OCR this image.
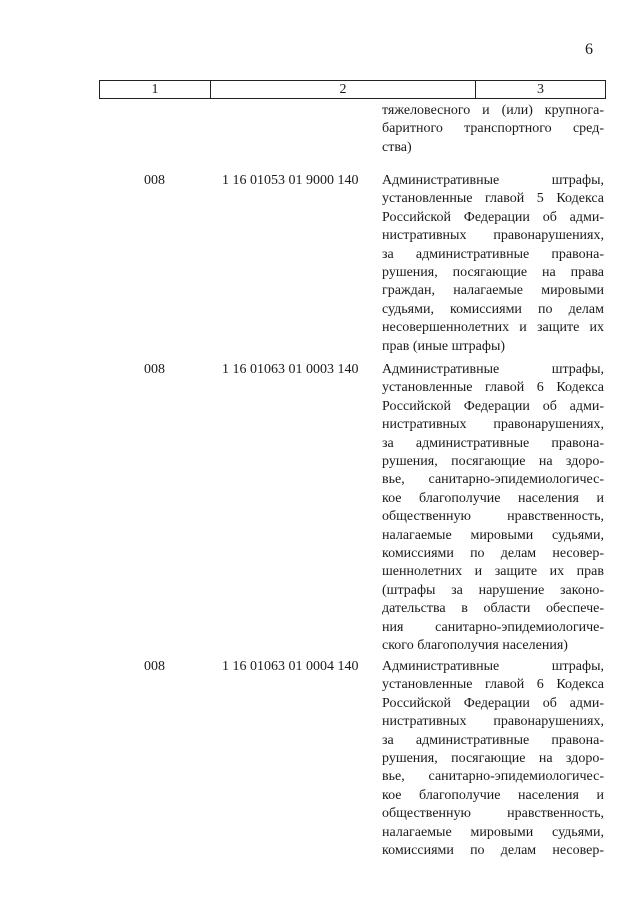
6
1	2	3
тяжеловесного и (или) крупнога-
баритного транспортного сред-
ства)
008	1 16 01053 01 9000 140 Административные штрафы,
установленные главой 5 Кодекса
Российской Федерации об адми-
нистративных правонарушениях,
за административные правона-
рушения, посягающие на права
граждан, налагаемые мировыми
судьями, комиссиями по делам
несовершеннолетних и защите их
прав (иные штрафы)
008	1 16 01063 01 0003 140 Административные штрафы,
установленные главой 6 Кодекса
Российской Федерации об адми-
нистративных правонарушениях,
за административные правона-
рушения, посягающие на здоро-
вье, санитарно-эпидемиологичес-
кое благополучие населения и
общественную нравственность,
налагаемые мировыми судьями,
комиссиями по делам несовер-
шеннолетних и защите их прав
(штрафы за нарушение законо-
дательства в области обеспече-
ния санитарно-эпидемиологиче-
ского благополучия населения)
008	1 16 01063 01 0004 140 Административные штрафы,
установленные главой 6 Кодекса
Российской Федерации об адми-
нистративных правонарушениях,
за административные правона-
рушения, посягающие на здоро-
вье, санитарно-эпидемиологичес-
кое благополучие населения и
общественную нравственность,
налагаемые мировыми судьями,
комиссиями по делам несовер-
